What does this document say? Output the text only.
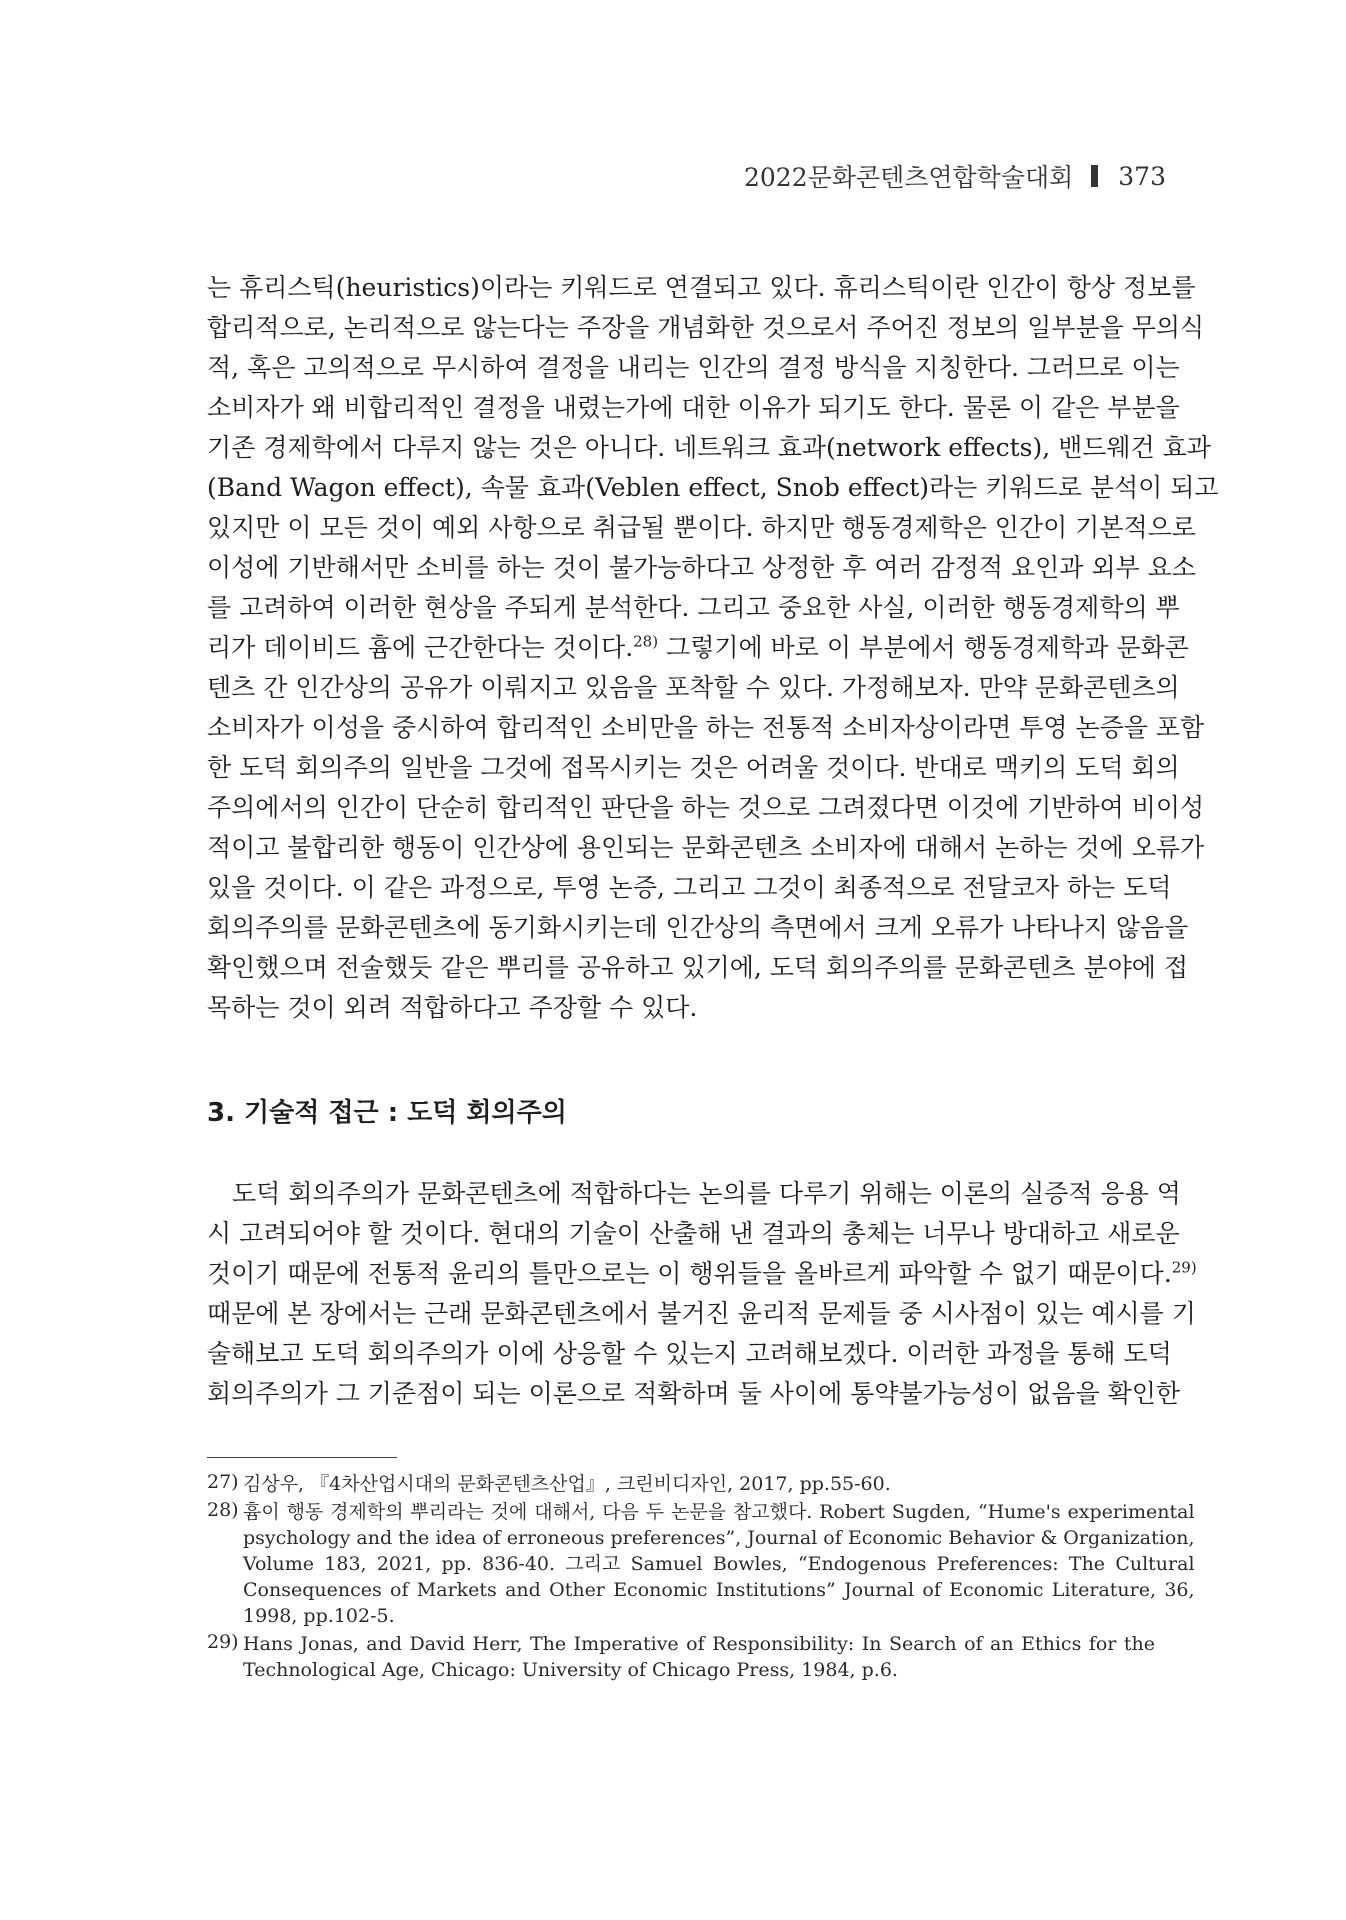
2022문화콘텐츠연합학술대회 373
는 휴리스틱(heuristics)이라는 키워드로 연결되고 있다. 휴리스틱이란 인간이 항상 정보를
합리적으로, 논리적으로 않는다는 주장을 개념화한 것으로서 주어진 정보의 일부분을 무의식
적, 혹은 고의적으로 무시하여 결정을 내리는 인간의 결정 방식을 지칭한다. 그러므로 이는
소비자가 왜 비합리적인 결정을 내렸는가에 대한 이유가 되기도 한다. 물론 이 같은 부분을
기존 경제학에서 다루지 않는 것은 아니다. 네트워크 효과(network effects), 밴드웨건 효과
(Band Wagon effect), 속물 효과(Veblen effect, Snob effect)라는 키워드로 분석이 되고
있지만 이 모든 것이 예외 사항으로 취급될 뿐이다. 하지만 행동경제학은 인간이 기본적으로
이성에 기반해서만 소비를 하는 것이 불가능하다고 상정한 후 여러 감정적 요인과 외부 요소
를 고려하여 이러한 현상을 주되게 분석한다. 그리고 중요한 사실, 이러한 행동경제학의 뿌
리가 데이비드 흄에 근간한다는 것이다.$^{28)}$ 그렇기에 바로 이 부분에서 행동경제학과 문화콘
텐츠 간 인간상의 공유가 이뤄지고 있음을 포착할 수 있다. 가정해보자. 만약 문화콘텐츠의
소비자가 이성을 중시하여 합리적인 소비만을 하는 전통적 소비자상이라면 투영 논증을 포함
한 도덕 회의주의 일반을 그것에 접목시키는 것은 어려울 것이다. 반대로 맥키의 도덕 회의
주의에서의 인간이 단순히 합리적인 판단을 하는 것으로 그려졌다면 이것에 기반하여 비이성
적이고 불합리한 행동이 인간상에 용인되는 문화콘텐츠 소비자에 대해서 논하는 것에 오류가
있을 것이다. 이 같은 과정으로, 투영 논증, 그리고 그것이 최종적으로 전달코자 하는 도덕
회의주의를 문화콘텐츠에 동기화시키는데 인간상의 측면에서 크게 오류가 나타나지 않음을
확인했으며 전술했듯 같은 뿌리를 공유하고 있기에, 도덕 회의주의를 문화콘텐츠 분야에 접
목하는 것이 외려 적합하다고 주장할 수 있다.
3. 기술적 접근 : 도덕 회의주의
도덕 회의주의가 문화콘텐츠에 적합하다는 논의를 다루기 위해는 이론의 실증적 응용 역
시 고려되어야 할 것이다. 현대의 기술이 산출해 낸 결과의 총체는 너무나 방대하고 새로운
것이기 때문에 전통적 윤리의 틀만으로는 이 행위들을 올바르게 파악할 수 없기 때문이다.$^{29)}$
때문에 본 장에서는 근래 문화콘텐츠에서 불거진 윤리적 문제들 중 시사점이 있는 예시를 기
술해보고 도덕 회의주의가 이에 상응할 수 있는지 고려해보겠다. 이러한 과정을 통해 도덕
회의주의가 그 기준점이 되는 이론으로 적확하며 둘 사이에 통약불가능성이 없음을 확인한
27) 김상우, 『4차산업시대의 문화콘텐츠산업』, 크린비디자인, 2017, pp.55-60.
28) 흄이 행동 경제학의 뿌리라는 것에 대해서, 다음 두 논문을 참고했다. Robert Sugden, “Hume's experimental
psychology and the idea of erroneous preferences”, Journal of Economic Behavior & Organization,
Volume 183, 2021, pp. 836-40. 그리고 Samuel Bowles, “Endogenous Preferences: The Cultural
Consequences of Markets and Other Economic Institutions” Journal of Economic Literature, 36,
1998, pp.102-5.
29) Hans Jonas, and David Herr, The Imperative of Responsibility: In Search of an Ethics for the
Technological Age, Chicago: University of Chicago Press, 1984, p.6.
